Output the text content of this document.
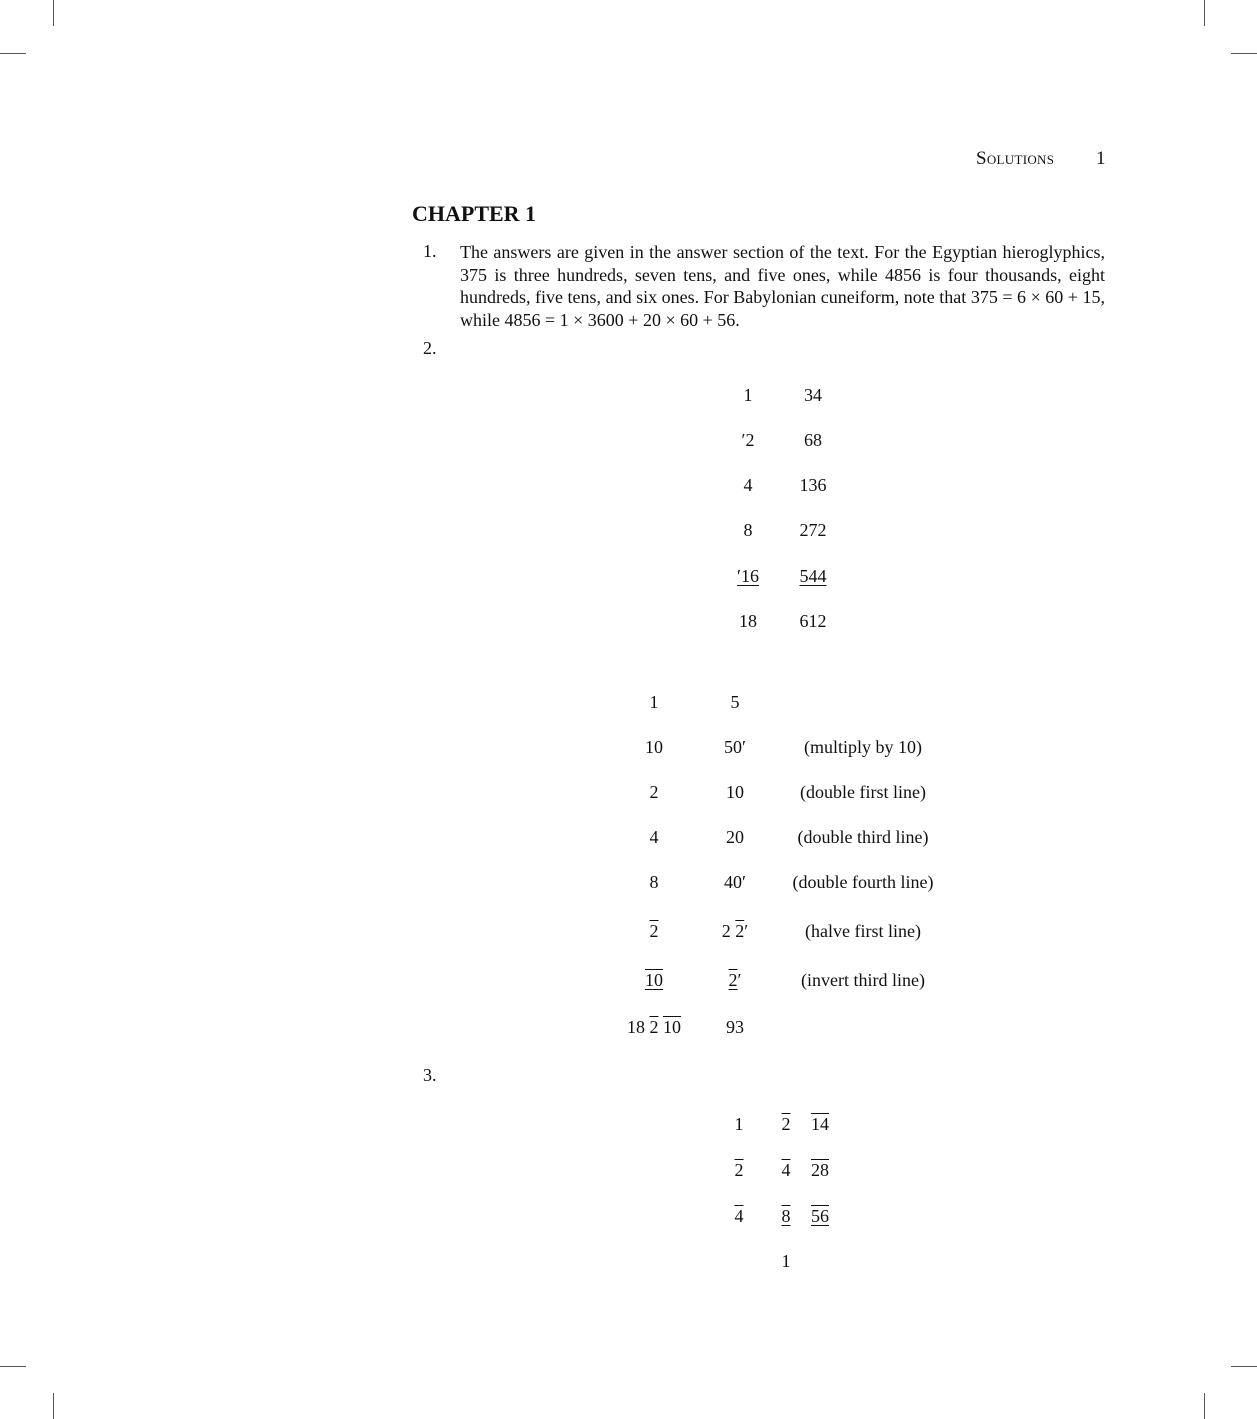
Solutions 1
CHAPTER 1
1. The answers are given in the answer section of the text. For the Egyptian hieroglyphics, 375 is three hundreds, seven tens, and five ones, while 4856 is four thousands, eight hundreds, five tens, and six ones. For Babylonian cuneiform, note that 375 = 6 × 60 + 15, while 4856 = 1 × 3600 + 20 × 60 + 56.

2.
1	34
′2	68
4	136
8	272
′16 544
18 612
1	5
10	50′	(multiply by 10)
2	10	(double first line)
4	20	(double third line)
8	40′	(double fourth line)
2	2 2′	(halve first line)
10	2′	(invert third line)
18 2 10	93
3.
1 2 14
2 4 28
4 8 56
1
